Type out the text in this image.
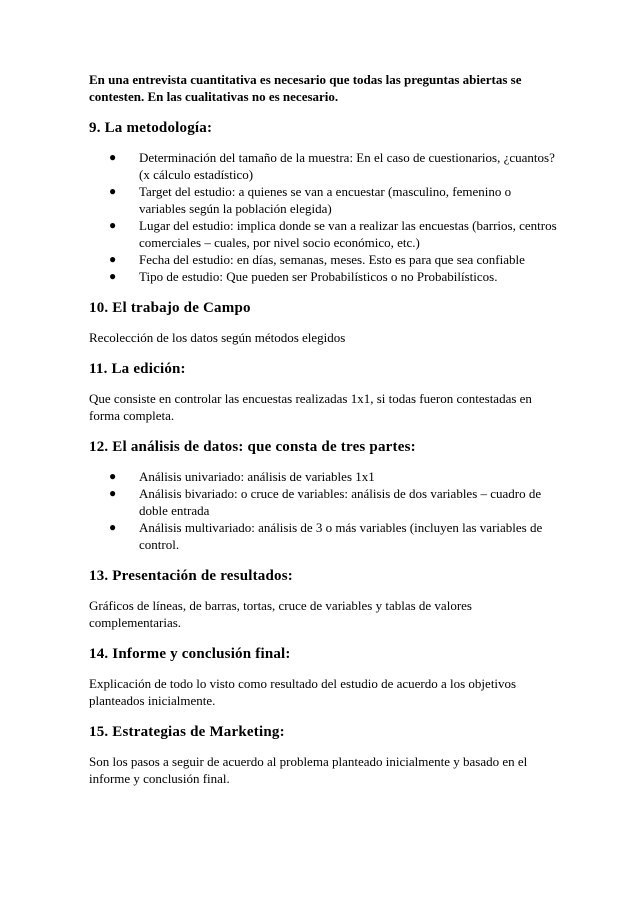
En una entrevista cuantitativa es necesario que todas las preguntas abiertas se contesten. En las cualitativas no es necesario.

9. La metodología:
● Determinación del tamaño de la muestra: En el caso de cuestionarios, ¿cuantos? (x cálculo estadístico)
● Target del estudio: a quienes se van a encuestar (masculino, femenino o variables según la población elegida)
● Lugar del estudio: implica donde se van a realizar las encuestas (barrios, centros comerciales – cuales, por nivel socio económico, etc.)
● Fecha del estudio: en días, semanas, meses. Esto es para que sea confiable
● Tipo de estudio: Que pueden ser Probabilísticos o no Probabilísticos.
10. El trabajo de Campo

Recolección de los datos según métodos elegidos

11. La edición:

Que consiste en controlar las encuestas realizadas 1x1, si todas fueron contestadas en forma completa.

12. El análisis de datos: que consta de tres partes:
● Análisis univariado: análisis de variables 1x1
● Análisis bivariado: o cruce de variables: análisis de dos variables – cuadro de doble entrada
● Análisis multivariado: análisis de 3 o más variables (incluyen las variables de control.
13. Presentación de resultados:

Gráficos de líneas, de barras, tortas, cruce de variables y tablas de valores complementarias.

14. Informe y conclusión final:

Explicación de todo lo visto como resultado del estudio de acuerdo a los objetivos planteados inicialmente.

15. Estrategias de Marketing:

Son los pasos a seguir de acuerdo al problema planteado inicialmente y basado en el informe y conclusión final.
